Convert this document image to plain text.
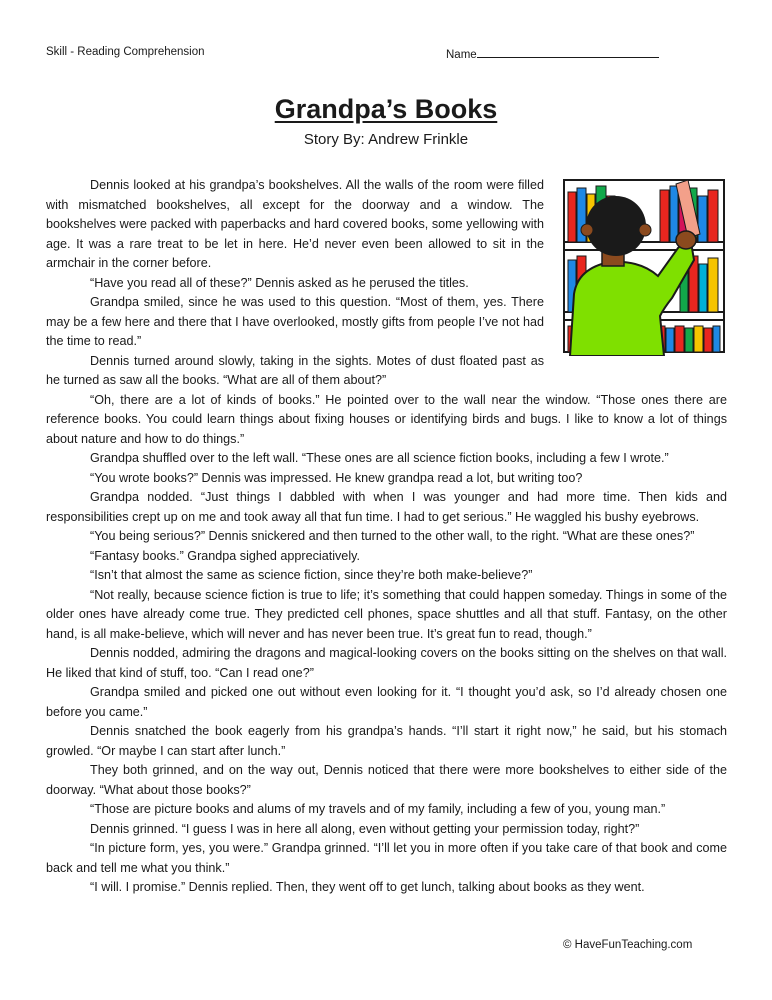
Skill - Reading Comprehension	Name
Grandpa’s Books
Story By: Andrew Frinkle

Dennis looked at his grandpa’s bookshelves. All the walls of the room were filled with mismatched bookshelves, all except for the doorway and a window. The bookshelves were packed with paperbacks and hard covered books, some yellowing with age. It was a rare treat to be let in here. He’d never even been allowed to sit in the armchair in the corner before.

“Have you read all of these?” Dennis asked as he perused the titles.

Grandpa smiled, since he was used to this question. “Most of them, yes. There may be a few here and there that I have overlooked, mostly gifts from people I’ve not had the time to read.”

Dennis turned around slowly, taking in the sights. Motes of dust floated past as he turned as saw all the books. “What are all of them about?”

“Oh, there are a lot of kinds of books.” He pointed over to the wall near the window. “Those ones there are reference books. You could learn things about fixing houses or identifying birds and bugs. I like to know a lot of things about nature and how to do things.”

Grandpa shuffled over to the left wall. “These ones are all science fiction books, including a few I wrote.”

“You wrote books?” Dennis was impressed. He knew grandpa read a lot, but writing too?

Grandpa nodded. “Just things I dabbled with when I was younger and had more time. Then kids and responsibilities crept up on me and took away all that fun time. I had to get serious.” He waggled his bushy eyebrows.

“You being serious?” Dennis snickered and then turned to the other wall, to the right. “What are these ones?”

“Fantasy books.” Grandpa sighed appreciatively.

“Isn’t that almost the same as science fiction, since they’re both make-believe?”

“Not really, because science fiction is true to life; it’s something that could happen someday. Things in some of the older ones have already come true. They predicted cell phones, space shuttles and all that stuff. Fantasy, on the other hand, is all make-believe, which will never and has never been true. It’s great fun to read, though.”

Dennis nodded, admiring the dragons and magical-looking covers on the books sitting on the shelves on that wall. He liked that kind of stuff, too. “Can I read one?”

Grandpa smiled and picked one out without even looking for it. “I thought you’d ask, so I’d already chosen one before you came.”

Dennis snatched the book eagerly from his grandpa’s hands. “I’ll start it right now,” he said, but his stomach growled. “Or maybe I can start after lunch.”

They both grinned, and on the way out, Dennis noticed that there were more bookshelves to either side of the doorway. “What about those books?”

“Those are picture books and alums of my travels and of my family, including a few of you, young man.”

Dennis grinned. “I guess I was in here all along, even without getting your permission today, right?”

“In picture form, yes, you were.” Grandpa grinned. “I’ll let you in more often if you take care of that book and come back and tell me what you think.”

“I will. I promise.” Dennis replied. Then, they went off to get lunch, talking about books as they went.

© HaveFunTeaching.com
